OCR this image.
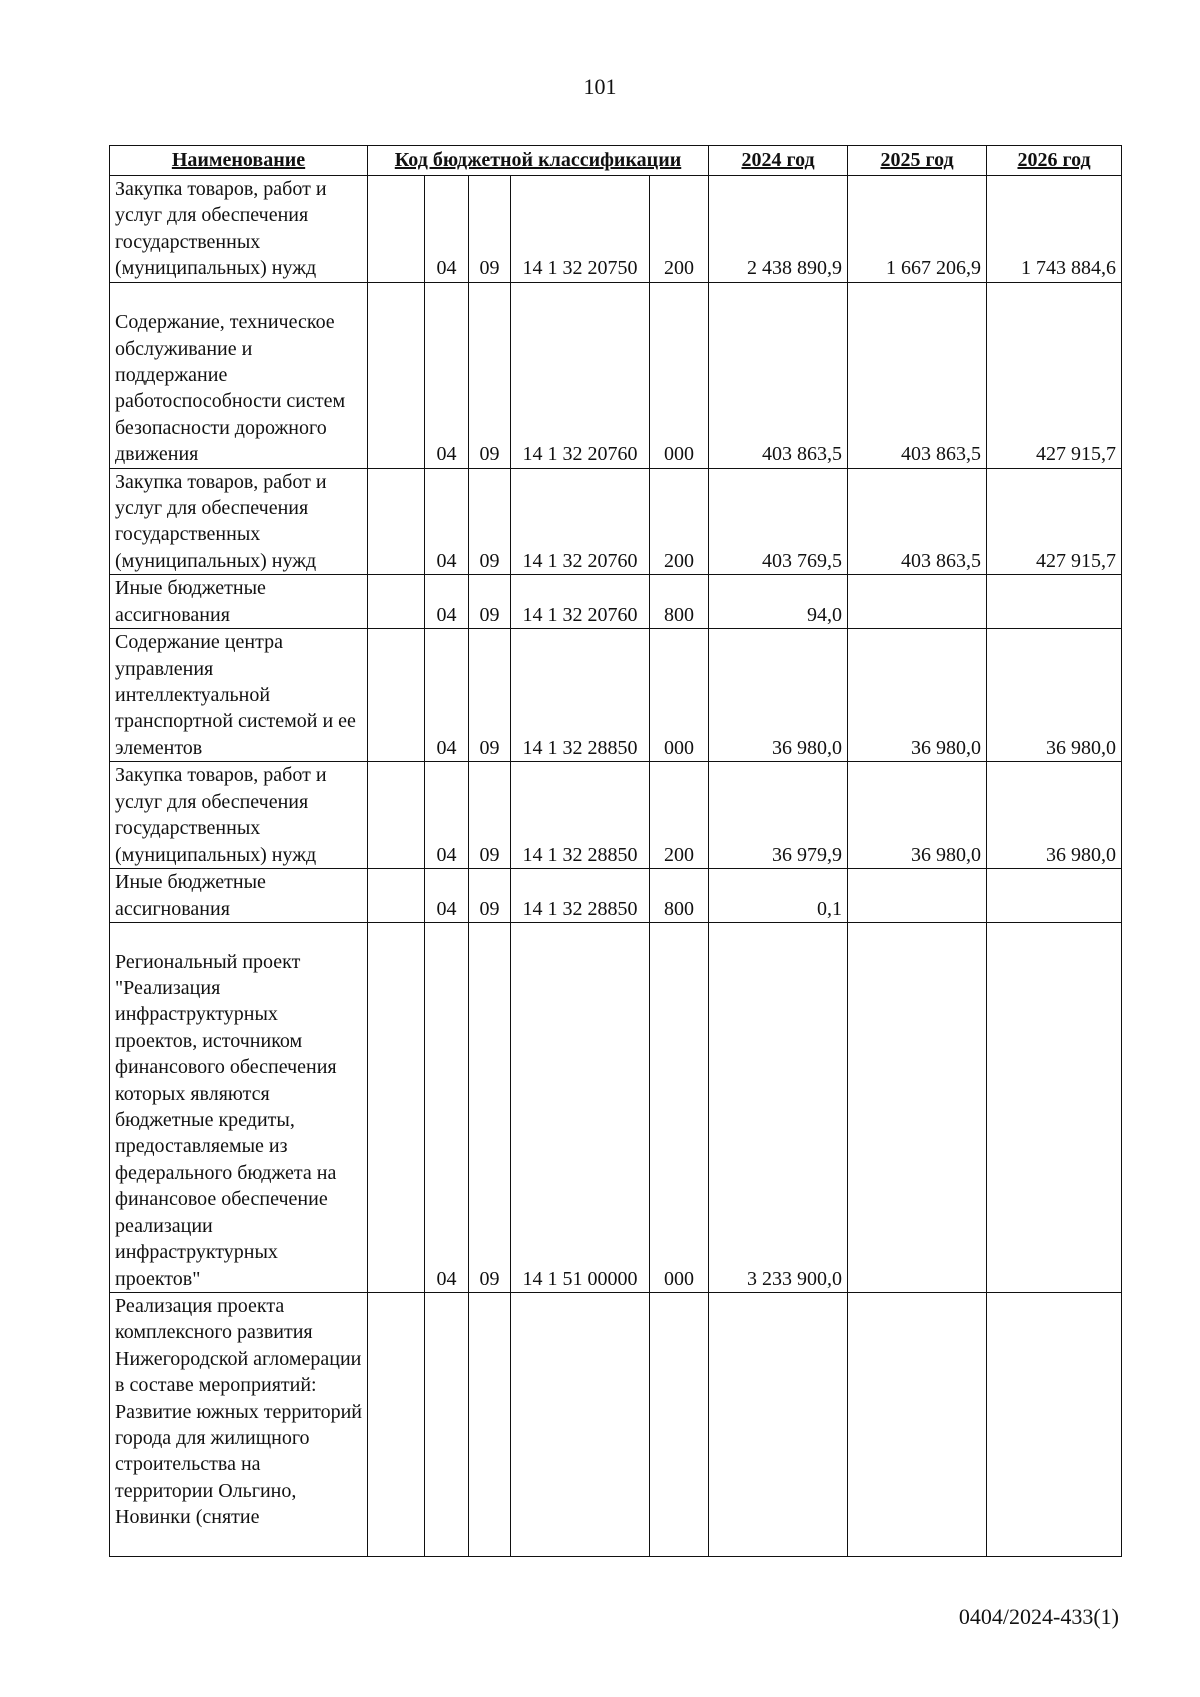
101
Наименование	Код бюджетной классификации					2024 год	2025 год	2026 год

Закупка товаров, работ и услуг для обеспечения государственных (муниципальных) нужд		04	09	14 1 32 20750	200	2 438 890,9	1 667 206,9	1 743 884,6

Содержание, техническое обслуживание и поддержание работоспособности систем безопасности дорожного движения		04	09	14 1 32 20760	000	403 863,5	403 863,5	427 915,7

Закупка товаров, работ и услуг для обеспечения государственных (муниципальных) нужд		04	09	14 1 32 20760	200	403 769,5	403 863,5	427 915,7

Иные бюджетные ассигнования		04	09	14 1 32 20760	800	94,0		

Содержание центра управления интеллектуальной транспортной системой и ее элементов		04	09	14 1 32 28850	000	36 980,0	36 980,0	36 980,0

Закупка товаров, работ и услуг для обеспечения государственных (муниципальных) нужд		04	09	14 1 32 28850	200	36 979,9	36 980,0	36 980,0

Иные бюджетные ассигнования		04	09	14 1 32 28850	800	0,1		

Региональный проект "Реализация инфраструктурных проектов, источником финансового обеспечения которых являются бюджетные кредиты, предоставляемые из федерального бюджета на финансовое обеспечение реализации инфраструктурных проектов"		04	09	14 1 51 00000	000	3 233 900,0		

Реализация проекта комплексного развития Нижегородской агломерации в составе мероприятий: Развитие южных территорий города для жилищного строительства на территории Ольгино, Новинки (снятие								

0404/2024-433(1)
